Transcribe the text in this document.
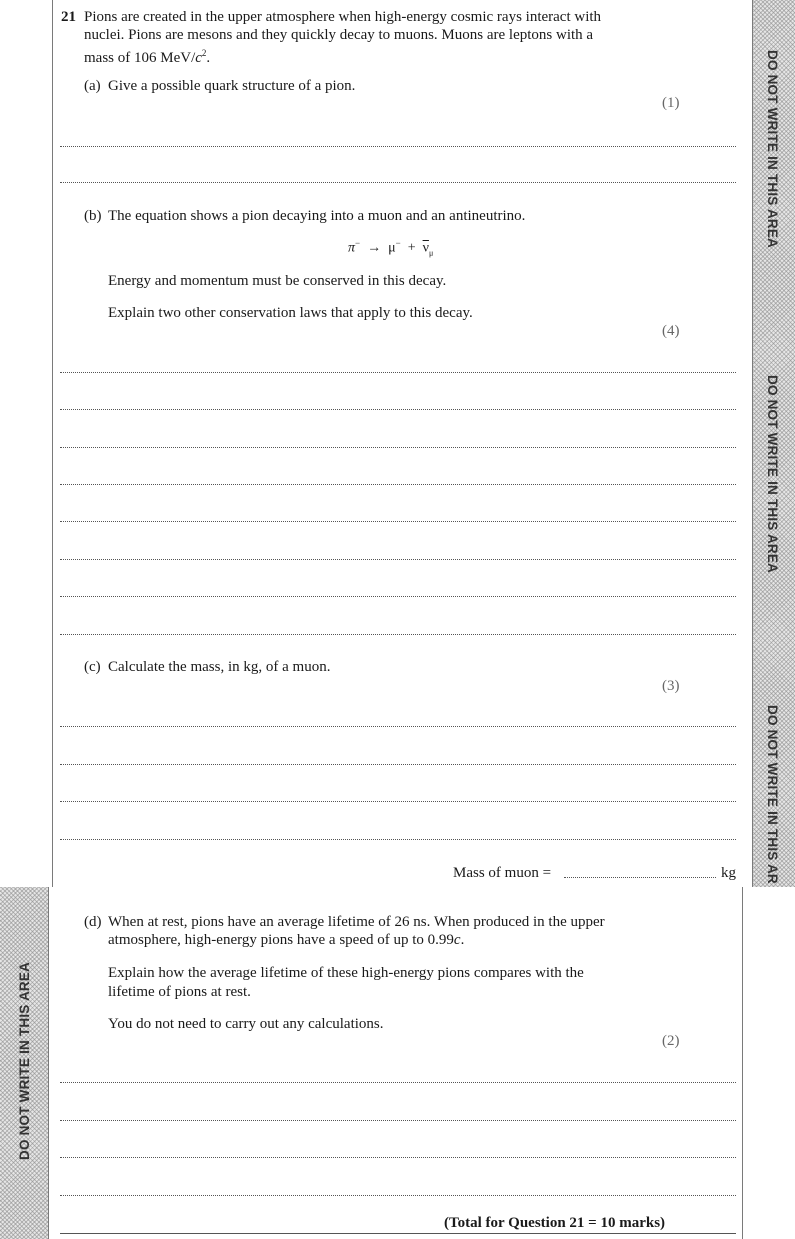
DO NOT WRITE IN THIS AREA
DO NOT WRITE IN THIS AREA
DO NOT WRITE IN THIS AR
DO NOT WRITE IN THIS AREA
21 Pions are created in the upper atmosphere when high-energy cosmic rays interact with
nuclei. Pions are mesons and they quickly decay to muons. Muons are leptons with a
mass of 106 MeV/$c^2$.
(a) Give a possible quark structure of a pion.
(1)
(b) The equation shows a pion decaying into a muon and an antineutrino.
$\pi^- \to \mu^- + \overline{\nu}_\mu$
Energy and momentum must be conserved in this decay.
Explain two other conservation laws that apply to this decay.
(4)
(c) Calculate the mass, in kg, of a muon.
(3)
Mass of muon =	kg
(d) When at rest, pions have an average lifetime of 26 ns. When produced in the upper
atmosphere, high-energy pions have a speed of up to 0.99c.
Explain how the average lifetime of these high-energy pions compares with the
lifetime of pions at rest.
You do not need to carry out any calculations.
(2)
(Total for Question 21 = 10 marks)
